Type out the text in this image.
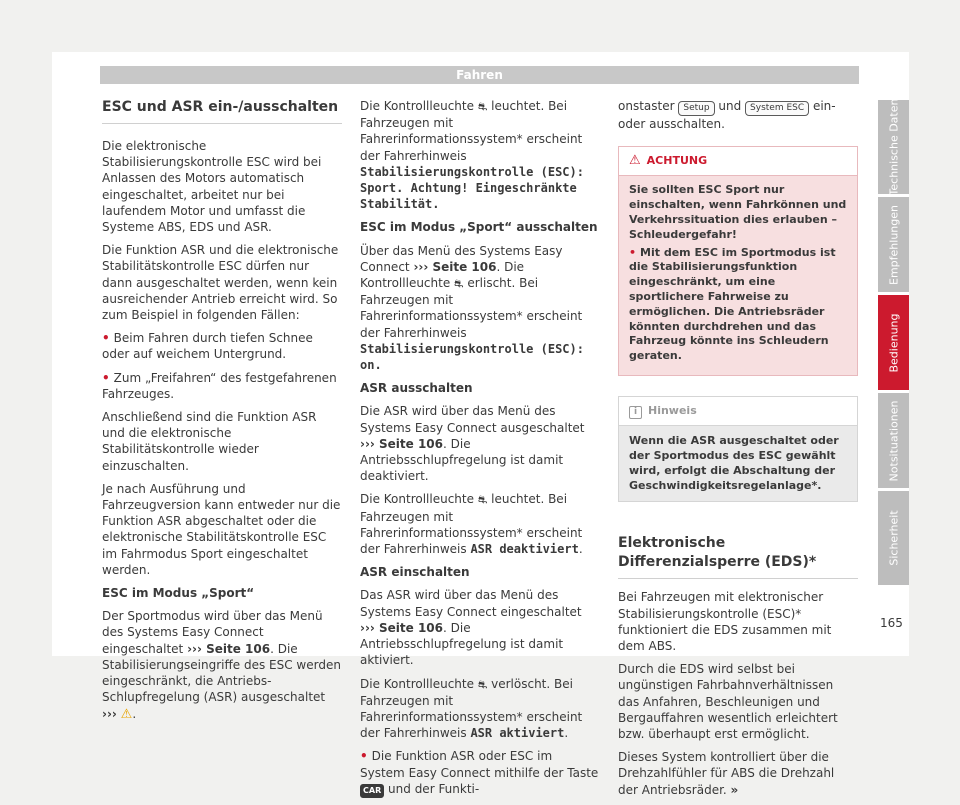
Fahren
ESC und ASR ein-/ausschalten

Die elektronische Stabilisierungskontrolle ESC wird bei Anlassen des Motors automatisch eingeschaltet, arbeitet nur bei laufendem Motor und umfasst die Systeme ABS, EDS und ASR.

Die Funktion ASR und die elektronische Stabilitätskontrolle ESC dürfen nur dann ausgeschaltet werden, wenn kein ausreichender Antrieb erreicht wird. So zum Beispiel in folgenden Fällen:

• Beim Fahren durch tiefen Schnee oder auf weichem Untergrund.

• Zum „Freifahren“ des festgefahrenen Fahrzeuges.

Anschließend sind die Funktion ASR und die elektronische Stabilitätskontrolle wieder einzuschalten.

Je nach Ausführung und Fahrzeugversion kann entweder nur die Funktion ASR abgeschaltet oder die elektronische Stabilitätskontrolle ESC im Fahrmodus Sport eingeschaltet werden.

ESC im Modus „Sport“

Der Sportmodus wird über das Menü des Systems Easy Connect eingeschaltet ››› Seite 106. Die Stabilisierungseingriffe des ESC werden eingeschränkt, die Antriebs-Schlupfregelung (ASR) ausgeschaltet ››› ⚠.

Die Kontrollleuchte ⛐ leuchtet. Bei Fahrzeugen mit Fahrerinformationssystem* erscheint der Fahrerhinweis Stabilisierungskontrolle (ESC): Sport. Achtung! Eingeschränkte Stabilität.

ESC im Modus „Sport“ ausschalten

Über das Menü des Systems Easy Connect ››› Seite 106. Die Kontrollleuchte ⛐ erlischt. Bei Fahrzeugen mit Fahrerinformationssystem* erscheint der Fahrerhinweis Stabilisierungskontrolle (ESC): on.

ASR ausschalten

Die ASR wird über das Menü des Systems Easy Connect ausgeschaltet ››› Seite 106. Die Antriebsschlupfregelung ist damit deaktiviert.

Die Kontrollleuchte ⛐ leuchtet. Bei Fahrzeugen mit Fahrerinformationssystem* erscheint der Fahrerhinweis ASR deaktiviert.

ASR einschalten

Das ASR wird über das Menü des Systems Easy Connect eingeschaltet ››› Seite 106. Die Antriebsschlupfregelung ist damit aktiviert.

Die Kontrollleuchte ⛐ verlöscht. Bei Fahrzeugen mit Fahrerinformationssystem* erscheint der Fahrerhinweis ASR aktiviert.

• Die Funktion ASR oder ESC im System Easy Connect mithilfe der Taste CAR und der Funkti-

onstaster Setup und System ESC ein- oder ausschalten.

⚠ ACHTUNG

Sie sollten ESC Sport nur einschalten, wenn Fahrkönnen und Verkehrssituation dies erlauben – Schleudergefahr!

• Mit dem ESC im Sportmodus ist die Stabilisierungsfunktion eingeschränkt, um eine sportlichere Fahrweise zu ermöglichen. Die Antriebsräder könnten durchdrehen und das Fahrzeug könnte ins Schleudern geraten.

i Hinweis
Wenn die ASR ausgeschaltet oder der Sportmodus des ESC gewählt wird, erfolgt die Abschaltung der Geschwindigkeitsregelanlage*.
Elektronische Differenzialsperre (EDS)*

Bei Fahrzeugen mit elektronischer Stabilisierungskontrolle (ESC)* funktioniert die EDS zusammen mit dem ABS.

Durch die EDS wird selbst bei ungünstigen Fahrbahnverhältnissen das Anfahren, Beschleunigen und Bergauffahren wesentlich erleichtert bzw. überhaupt erst ermöglicht.

Dieses System kontrolliert über die Drehzahlfühler für ABS die Drehzahl der Antriebsräder. »

Technische Daten
Empfehlungen
Bedienung
Notsituationen
Sicherheit
165
